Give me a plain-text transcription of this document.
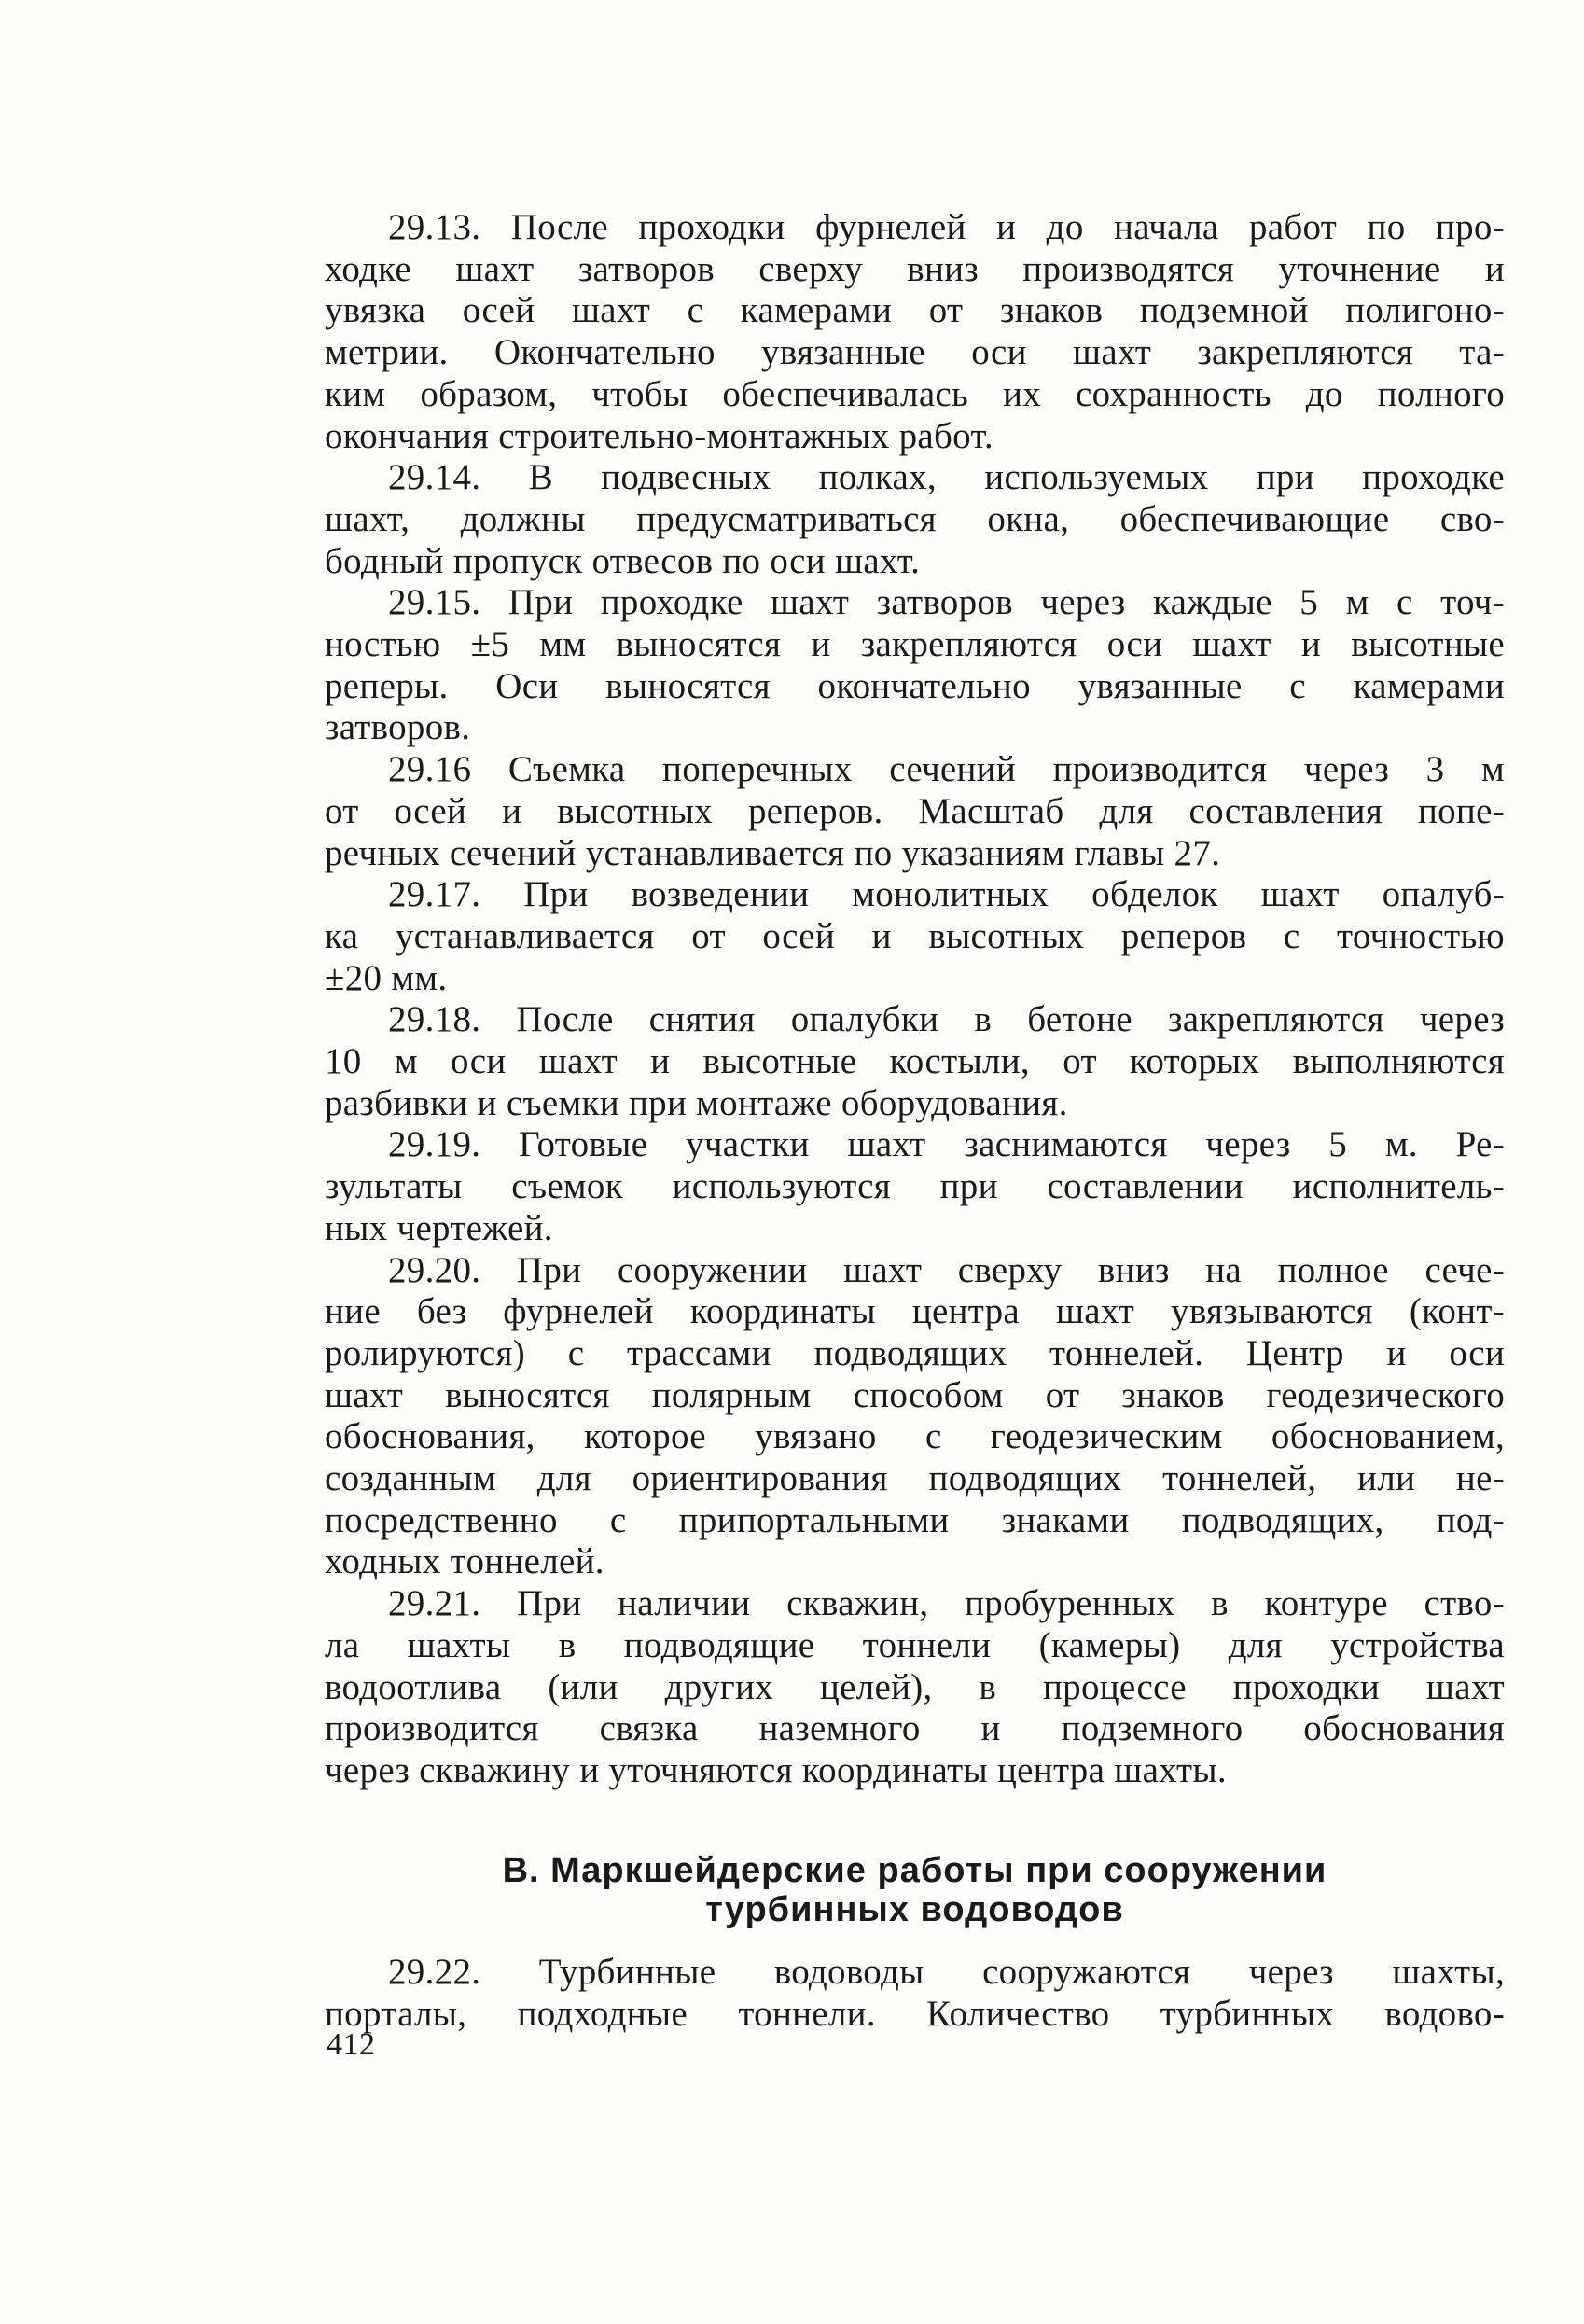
29.13. После проходки фурнелей и до начала работ по про-
ходке шахт затворов сверху вниз производятся уточнение и
увязка осей шахт с камерами от знаков подземной полигоно-
метрии. Окончательно увязанные оси шахт закрепляются та-
ким образом, чтобы обеспечивалась их сохранность до полного
окончания строительно-монтажных работ.
29.14. В подвесных полках, используемых при проходке
шахт, должны предусматриваться окна, обеспечивающие сво-
бодный пропуск отвесов по оси шахт.
29.15. При проходке шахт затворов через каждые 5 м с точ-
ностью ±5 мм выносятся и закрепляются оси шахт и высотные
реперы. Оси выносятся окончательно увязанные с камерами
затворов.
29.16 Съемка поперечных сечений производится через 3 м
от осей и высотных реперов. Масштаб для составления попе-
речных сечений устанавливается по указаниям главы 27.
29.17. При возведении монолитных обделок шахт опалуб-
ка устанавливается от осей и высотных реперов с точностью
±20 мм.
29.18. После снятия опалубки в бетоне закрепляются через
10 м оси шахт и высотные костыли, от которых выполняются
разбивки и съемки при монтаже оборудования.
29.19. Готовые участки шахт заснимаются через 5 м. Ре-
зультаты съемок используются при составлении исполнитель-
ных чертежей.
29.20. При сооружении шахт сверху вниз на полное сече-
ние без фурнелей координаты центра шахт увязываются (конт-
ролируются) с трассами подводящих тоннелей. Центр и оси
шахт выносятся полярным способом от знаков геодезического
обоснования, которое увязано с геодезическим обоснованием,
созданным для ориентирования подводящих тоннелей, или не-
посредственно с припортальными знаками подводящих, под-
ходных тоннелей.
29.21. При наличии скважин, пробуренных в контуре ство-
ла шахты в подводящие тоннели (камеры) для устройства
водоотлива (или других целей), в процессе проходки шахт
производится связка наземного и подземного обоснования
через скважину и уточняются координаты центра шахты.
В. Маркшейдерские работы при сооружении
турбинных водоводов
29.22. Турбинные водоводы сооружаются через шахты,
порталы, подходные тоннели. Количество турбинных водово-
412
